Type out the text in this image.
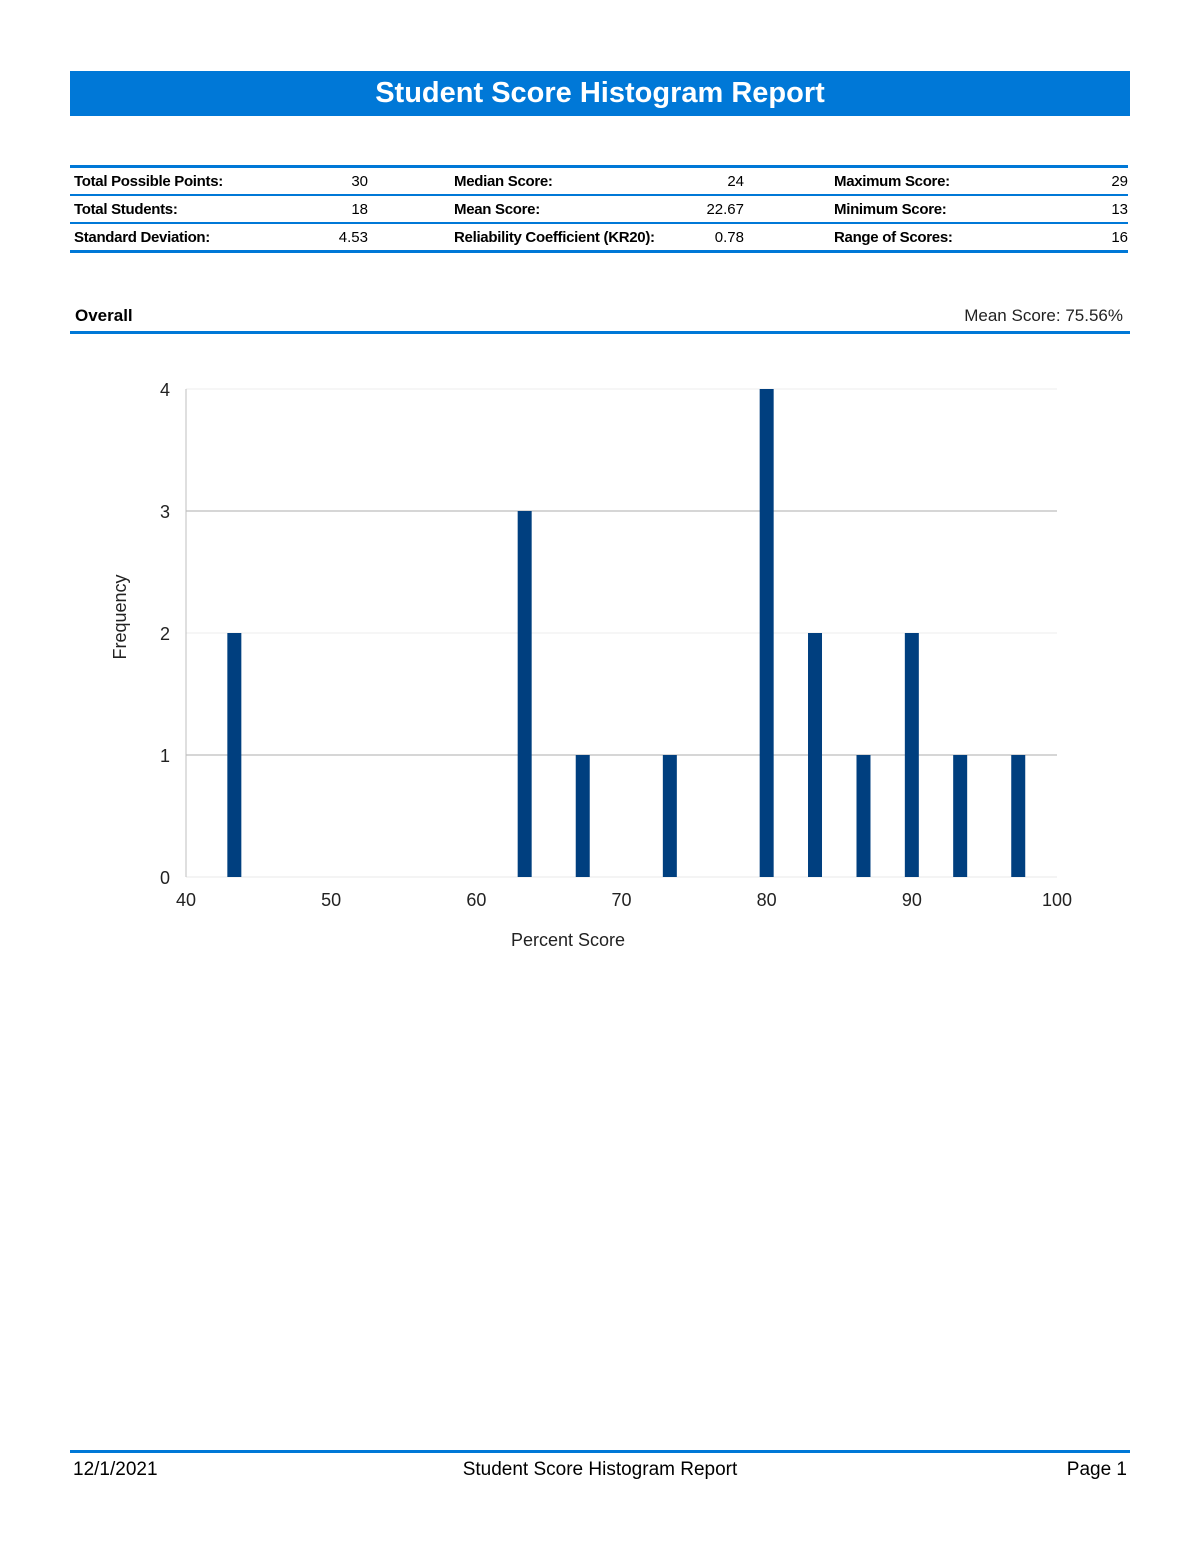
Student Score Histogram Report
Total Possible Points:	30	Median Score:	24	Maximum Score:	29
Total Students:	18	Mean Score:	22.67	Minimum Score:	13
Standard Deviation:	4.53	Reliability Coefficient (KR20):	0.78	Range of Scores:	16
Overall	Mean Score: 75.56%
0
1
2
3
4
40	50	60	70	80	90	100
Percent Score
Frequency
12/1/2021	Student Score Histogram Report	Page 1
